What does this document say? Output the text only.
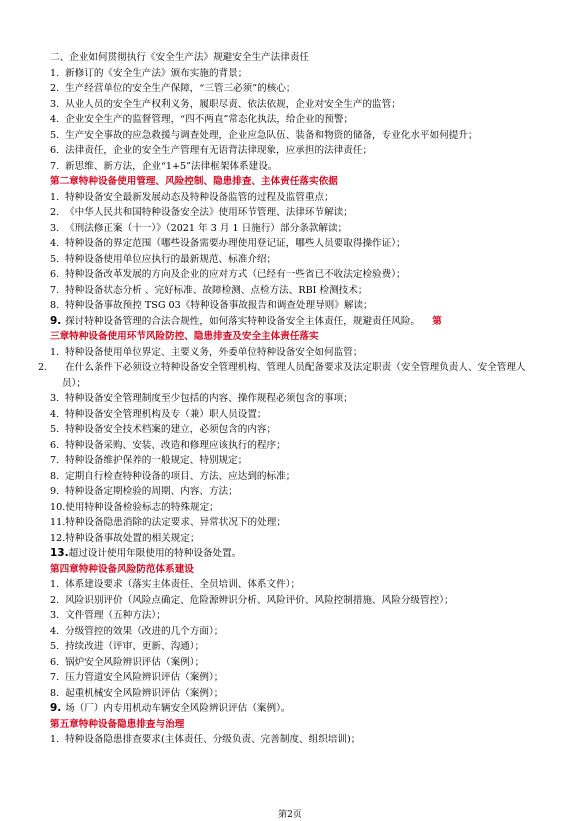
二、企业如何贯彻执行《安全生产法》规避安全生产法律责任
1. 新修订的《安全生产法》颁布实施的背景；
2. 生产经营单位的安全生产保障，“三管三必须”的核心；
3. 从业人员的安全生产权利义务，履职尽责、依法依规，企业对安全生产的监管；
4. 企业安全生产的监督管理，“四不两直”常态化执法，给企业的预警；
5. 生产安全事故的应急救援与调查处理，企业应急队伍、装备和物资的储备，专业化水平如何提升；
6. 法律责任，企业的安全生产管理有无语背法律现象，应承担的法律责任；
7. 新思维、新方法，企业“1+5”法律框架体系建设。
第二章特种设备使用管理、风险控制、隐患排查、主体责任落实依据
1. 特种设备安全最新发展动态及特种设备监管的过程及监管重点；
2. 《中华人民共和国特种设备安全法》使用环节管理、法律环节解读；
3. 《刑法修正案（十一）》（2021 年 3 月 1 日施行）部分条款解读；
4. 特种设备的界定范围（哪些设备需要办理使用登记证，哪些人员要取得操作证）；
5. 特种设备使用单位应执行的最新规范、标准介绍；
6. 特种设备改革发展的方向及企业的应对方式（已经有一些省已不收法定检验费）；
7. 特种设备状态分析 、完好标准、故障检测、点检方法、RBI 检测技术；
8. 特种设备事故预控 TSG 03《特种设备事故报告和调查处理导则》解读；
9. 探讨特种设备管理的合法合规性，如何落实特种设备安全主体责任，规避责任风险。 第
三章特种设备使用环节风险防控、隐患排查及安全主体责任落实
1. 特种设备使用单位界定、主要义务，外委单位特种设备安全如何监管；
2. 在什么条件下必须设立特种设备安全管理机构、管理人员配备要求及法定职责（安全管理负责人、安全管理人员）；
3. 特种设备安全管理制度至少包括的内容、操作规程必须包含的事项；
4. 特种设备安全管理机构及专（兼）职人员设置；
5. 特种设备安全技术档案的建立，必须包含的内容；
6. 特种设备采购、安装、改造和修理应该执行的程序；
7. 特种设备维护保养的一般规定、特别规定；
8. 定期自行检查特种设备的项目、方法、应达到的标准；
9. 特种设备定期检验的周期、内容、方法；
10.使用特种设备检验标志的特殊规定；
11.特种设备隐患消除的法定要求、异常状况下的处理；
12.特种设备事故处置的相关规定；
13.超过设计使用年限使用的特种设备处置。
第四章特种设备风险防范体系建设
1. 体系建设要求（落实主体责任、全员培训、体系文件）；
2. 风险识别评价（风险点确定、危险源辨识分析、风险评价、风险控制措施、风险分级管控）；
3. 文件管理（五种方法）；
4. 分级管控的效果（改进的几个方面）；
5. 持续改进（评审、更新、沟通）；
6. 锅炉安全风险辨识评估（案例）；
7. 压力管道安全风险辨识评估（案例）；
8. 起重机械安全风险辨识评估（案例）；
9. 场（厂）内专用机动车辆安全风险辨识评估（案例）。
第五章特种设备隐患排查与治理
1. 特种设备隐患排查要求(主体责任、分级负责、完善制度、组织培训)；
第2页
